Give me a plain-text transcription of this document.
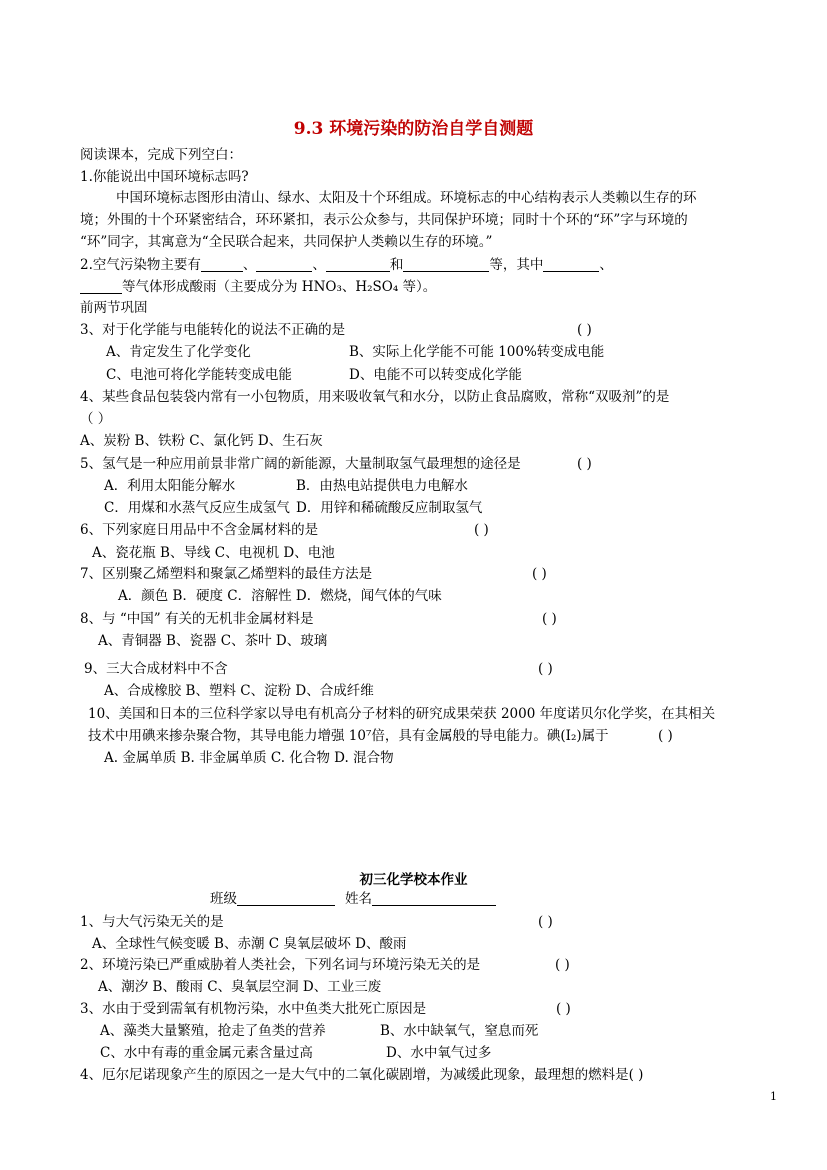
9.3 环境污染的防治自学自测题
阅读课本，完成下列空白：
1.你能说出中国环境标志吗?
中国环境标志图形由清山、绿水、太阳及十个环组成。环境标志的中心结构表示人类赖以生存的环
境；外围的十个环紧密结合，环环紧扣，表示公众参与，共同保护环境；同时十个环的“环”字与环境的
“环”同字，其寓意为“全民联合起来，共同保护人类赖以生存的环境。”
2.空气污染物主要有	、	、	和	等，其中	、
等气体形成酸雨（主要成分为 HNO₃、H₂SO₄ 等）。
前两节巩固
3、对于化学能与电能转化的说法不正确的是	( )
A、肯定发生了化学变化	B、实际上化学能不可能 100%转变成电能
C、电池可将化学能转变成电能	D、电能不可以转变成化学能
4、某些食品包装袋内常有一小包物质，用来吸收氧气和水分，以防止食品腐败，常称“双吸剂”的是
（ ）
A、炭粉 B、铁粉 C、氯化钙 D、生石灰
5、氢气是一种应用前景非常广阔的新能源，大量制取氢气最理想的途径是	( )
A．利用太阳能分解水	B．由热电站提供电力电解水
C．用煤和水蒸气反应生成氢气 D．用锌和稀硫酸反应制取氢气
6、下列家庭日用品中不含金属材料的是	( )
A、瓷花瓶 B、导线 C、电视机 D、电池
7、区别聚乙烯塑料和聚氯乙烯塑料的最佳方法是	( )
A．颜色 B．硬度 C．溶解性 D．燃烧，闻气体的气味
8、与 “中国” 有关的无机非金属材料是	( )
A、青铜器 B、瓷器 C、茶叶 D、玻璃
9、三大合成材料中不含	( )
A、合成橡胶 B、塑料 C、淀粉 D、合成纤维
10、美国和日本的三位科学家以导电有机高分子材料的研究成果荣获 2000 年度诺贝尔化学奖，在其相关
技术中用碘来掺杂聚合物，其导电能力增强 10⁷倍，具有金属般的导电能力。碘(I₂)属于	( )
A. 金属单质 B. 非金属单质 C. 化合物 D. 混合物
初三化学校本作业
班级	姓名
1、与大气污染无关的是	( )
A、全球性气候变暖 B、赤潮 C 臭氧层破坏 D、酸雨
2、环境污染已严重威胁着人类社会，下列名词与环境污染无关的是	( )
A、潮汐 B、酸雨 C、臭氧层空洞 D、工业三废
3、水由于受到需氧有机物污染，水中鱼类大批死亡原因是	( )
A、藻类大量繁殖，抢走了鱼类的营养	B、水中缺氧气，窒息而死
C、水中有毒的重金属元素含量过高	D、水中氧气过多
4、厄尔尼诺现象产生的原因之一是大气中的二氧化碳剧增，为减缓此现象，最理想的燃料是( )
1
